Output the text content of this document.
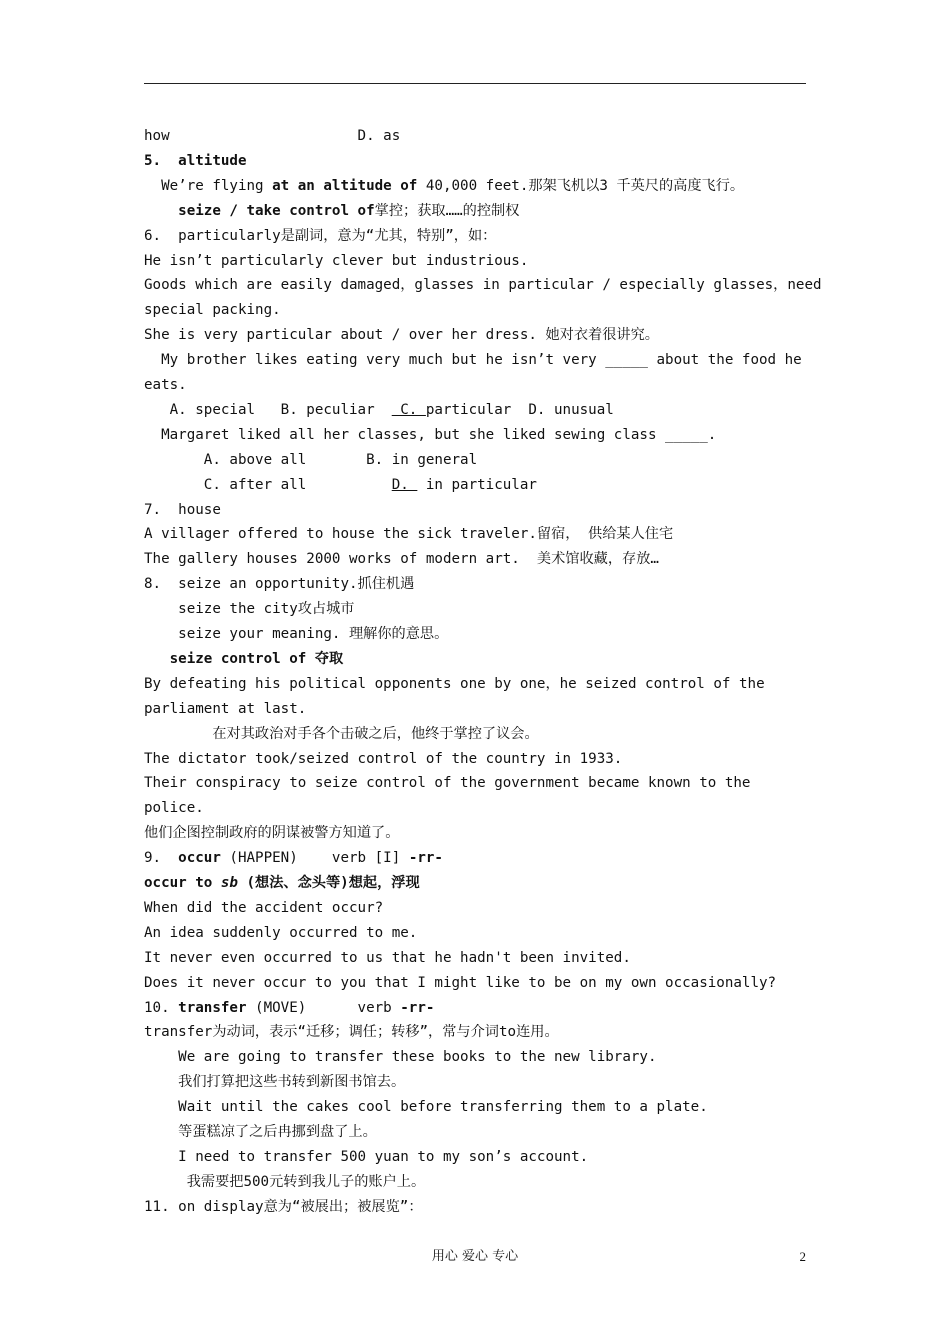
how                      D. as
5.  altitude
We’re flying at an altitude of 40,000 feet.那架飞机以3 千英尺的高度飞行。
seize / take control of掌控；获取……的控制权
6.  particularly是副词，意为“尤其，特别”，如：
He isn’t particularly clever but industrious.
Goods which are easily damaged，glasses in particular / especially glasses，need
special packing.
She is very particular about / over her dress. 她对衣着很讲究。
My brother likes eating very much but he isn’t very _____ about the food he
eats.
A. special   B. peculiar   C. particular  D. unusual
Margaret liked all her classes, but she liked sewing class _____.
A. above all       B. in general
C. after all          D.  in particular
7.  house
A villager offered to house the sick traveler.留宿， 供给某人住宅
The gallery houses 2000 works of modern art.  美术馆收藏，存放…
8.  seize an opportunity.抓住机遇
seize the city攻占城市
seize your meaning. 理解你的意思。
seize control of 夺取
By defeating his political opponents one by one，he seized control of the
parliament at last.
在对其政治对手各个击破之后，他终于掌控了议会。
The dictator took/seized control of the country in 1933.
Their conspiracy to seize control of the government became known to the
police.
他们企图控制政府的阴谋被警方知道了。
9.  occur (HAPPEN)    verb [I] -rr-
occur to sb (想法、念头等)想起，浮现
When did the accident occur?
An idea suddenly occurred to me.
It never even occurred to us that he hadn't been invited.
Does it never occur to you that I might like to be on my own occasionally?
10. transfer (MOVE)      verb -rr-
transfer为动词，表示“迁移；调任；转移”，常与介词to连用。
We are going to transfer these books to the new library.
我们打算把这些书转到新图书馆去。
Wait until the cakes cool before transferring them to a plate.
等蛋糕凉了之后冉挪到盘了上。
I need to transfer 500 yuan to my son’s account.
我需要把500元转到我儿子的账户上。
11. on display意为“被展出；被展览”：
用心 爱心 专心	2
